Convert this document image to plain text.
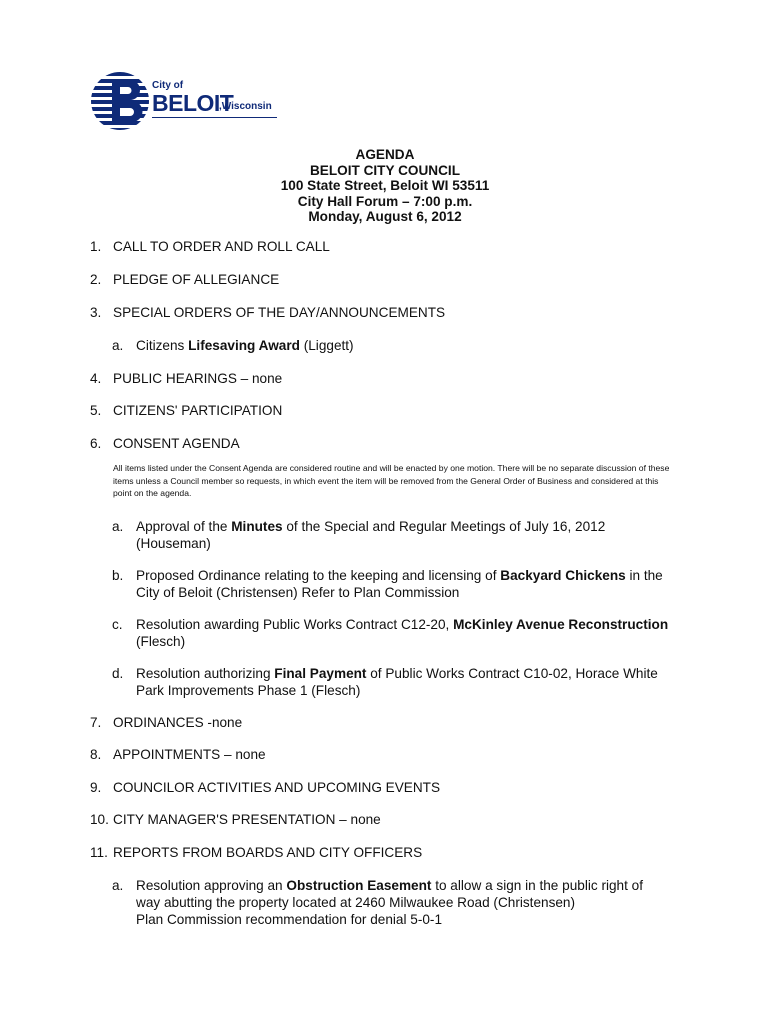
City of
BELOIT
,Wisconsin
AGENDA
BELOIT CITY COUNCIL
100 State Street, Beloit WI 53511
City Hall Forum – 7:00 p.m.
Monday, August 6, 2012
1. CALL TO ORDER AND ROLL CALL
2. PLEDGE OF ALLEGIANCE
3. SPECIAL ORDERS OF THE DAY/ANNOUNCEMENTS
a. Citizens Lifesaving Award (Liggett)
4. PUBLIC HEARINGS – none
5. CITIZENS' PARTICIPATION
6. CONSENT AGENDA
All items listed under the Consent Agenda are considered routine and will be enacted by one motion. There will be no separate discussion of these items unless a Council member so requests, in which event the item will be removed from the General Order of Business and considered at this point on the agenda.
a. Approval of the Minutes of the Special and Regular Meetings of July 16, 2012
(Houseman)
b. Proposed Ordinance relating to the keeping and licensing of Backyard Chickens in the
City of Beloit (Christensen) Refer to Plan Commission
c. Resolution awarding Public Works Contract C12-20, McKinley Avenue Reconstruction
(Flesch)
d. Resolution authorizing Final Payment of Public Works Contract C10-02, Horace White
Park Improvements Phase 1 (Flesch)
7. ORDINANCES -none
8. APPOINTMENTS – none
9. COUNCILOR ACTIVITIES AND UPCOMING EVENTS
10. CITY MANAGER'S PRESENTATION – none
11. REPORTS FROM BOARDS AND CITY OFFICERS
a. Resolution approving an Obstruction Easement to allow a sign in the public right of
way abutting the property located at 2460 Milwaukee Road (Christensen)
Plan Commission recommendation for denial 5-0-1
